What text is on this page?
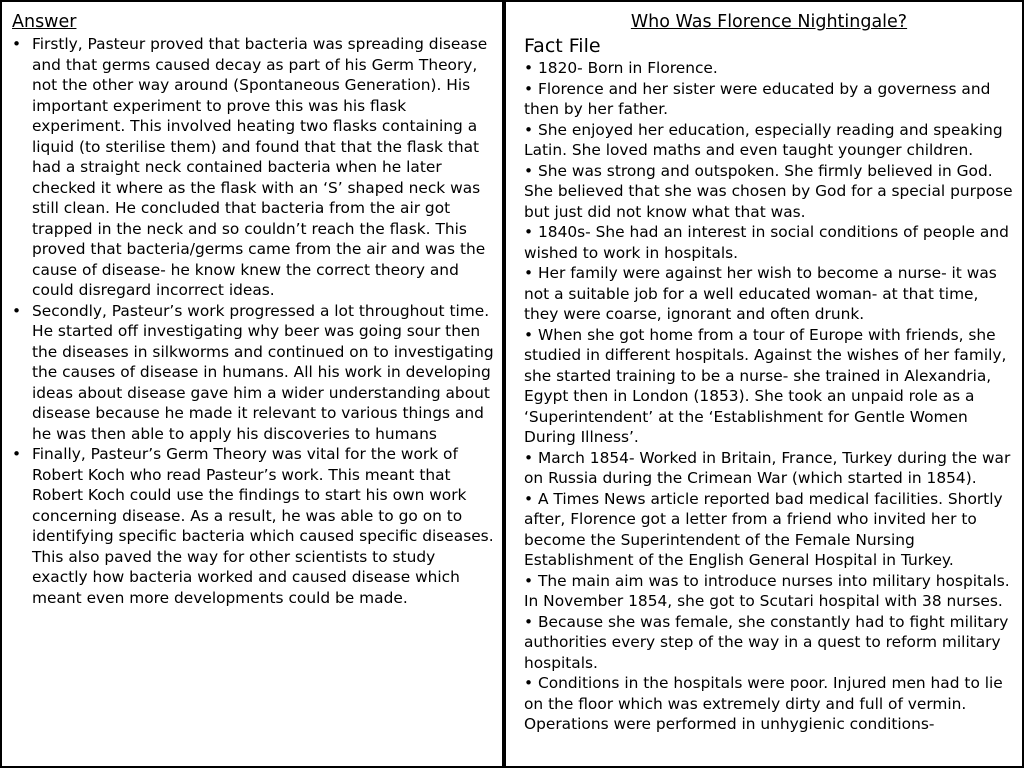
Answer
• Firstly, Pasteur proved that bacteria was spreading disease and that germs caused decay as part of his Germ Theory, not the other way around (Spontaneous Generation). His important experiment to prove this was his flask experiment. This involved heating two flasks containing a liquid (to sterilise them) and found that that the flask that had a straight neck contained bacteria when he later checked it where as the flask with an ‘S’ shaped neck was still clean. He concluded that bacteria from the air got trapped in the neck and so couldn’t reach the flask. This proved that bacteria/germs came from the air and was the cause of disease- he know knew the correct theory and could disregard incorrect ideas.
• Secondly, Pasteur’s work progressed a lot throughout time. He started off investigating why beer was going sour then the diseases in silkworms and continued on to investigating the causes of disease in humans. All his work in developing ideas about disease gave him a wider understanding about disease because he made it relevant to various things and he was then able to apply his discoveries to humans
• Finally, Pasteur’s Germ Theory was vital for the work of Robert Koch who read Pasteur’s work. This meant that Robert Koch could use the findings to start his own work concerning disease. As a result, he was able to go on to identifying specific bacteria which caused specific diseases. This also paved the way for other scientists to study exactly how bacteria worked and caused disease which meant even more developments could be made.
Who Was Florence Nightingale?
Fact File
• 1820- Born in Florence.
• Florence and her sister were educated by a governess and then by her father.
• She enjoyed her education, especially reading and speaking Latin. She loved maths and even taught younger children.
• She was strong and outspoken. She firmly believed in God. She believed that she was chosen by God for a special purpose but just did not know what that was.
• 1840s- She had an interest in social conditions of people and wished to work in hospitals.
• Her family were against her wish to become a nurse- it was not a suitable job for a well educated woman- at that time, they were coarse, ignorant and often drunk.
• When she got home from a tour of Europe with friends, she studied in different hospitals. Against the wishes of her family, she started training to be a nurse- she trained in Alexandria, Egypt then in London (1853). She took an unpaid role as a ‘Superintendent’ at the ‘Establishment for Gentle Women During Illness’.
• March 1854- Worked in Britain, France, Turkey during the war on Russia during the Crimean War (which started in 1854).
• A Times News article reported bad medical facilities. Shortly after, Florence got a letter from a friend who invited her to become the Superintendent of the Female Nursing Establishment of the English General Hospital in Turkey.
• The main aim was to introduce nurses into military hospitals. In November 1854, she got to Scutari hospital with 38 nurses.
• Because she was female, she constantly had to fight military authorities every step of the way in a quest to reform military hospitals.
• Conditions in the hospitals were poor. Injured men had to lie on the floor which was extremely dirty and full of vermin. Operations were performed in unhygienic conditions-
